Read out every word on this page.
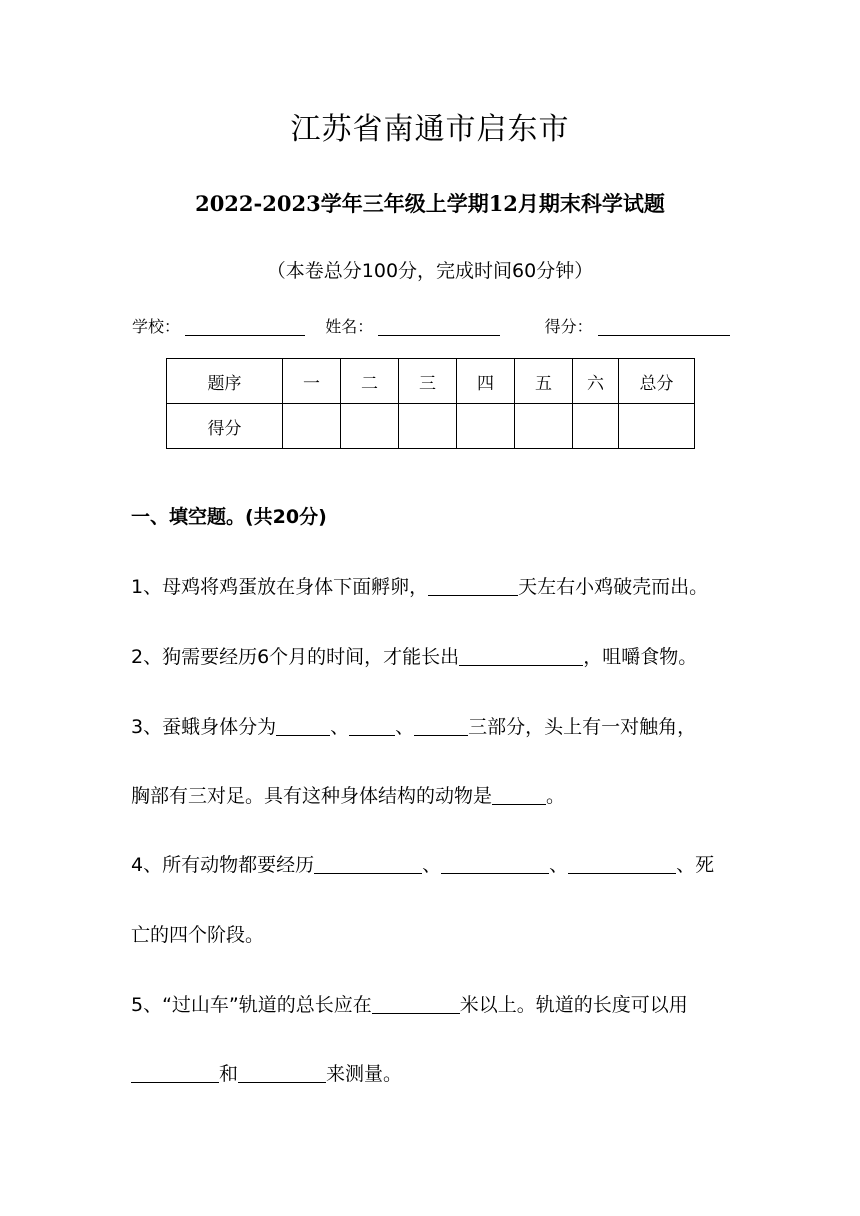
江苏省南通市启东市
2022-2023学年三年级上学期12月期末科学试题
（本卷总分100分，完成时间60分钟）
学校：	姓名：	得分：
题序	一	二	三	四	五	六	总分
得分							
一、填空题。(共20分)
1、母鸡将鸡蛋放在身体下面孵卵，	天左右小鸡破壳而出。
2、狗需要经历6个月的时间，才能长出	，咀嚼食物。
3、蚕蛾身体分为	、 、	三部分，头上有一对触角，
胸部有三对足。具有这种身体结构的动物是	。
4、所有动物都要经历	、	、	、死
亡的四个阶段。
5、“过山车”轨道的总长应在	米以上。轨道的长度可以用
和	来测量。
